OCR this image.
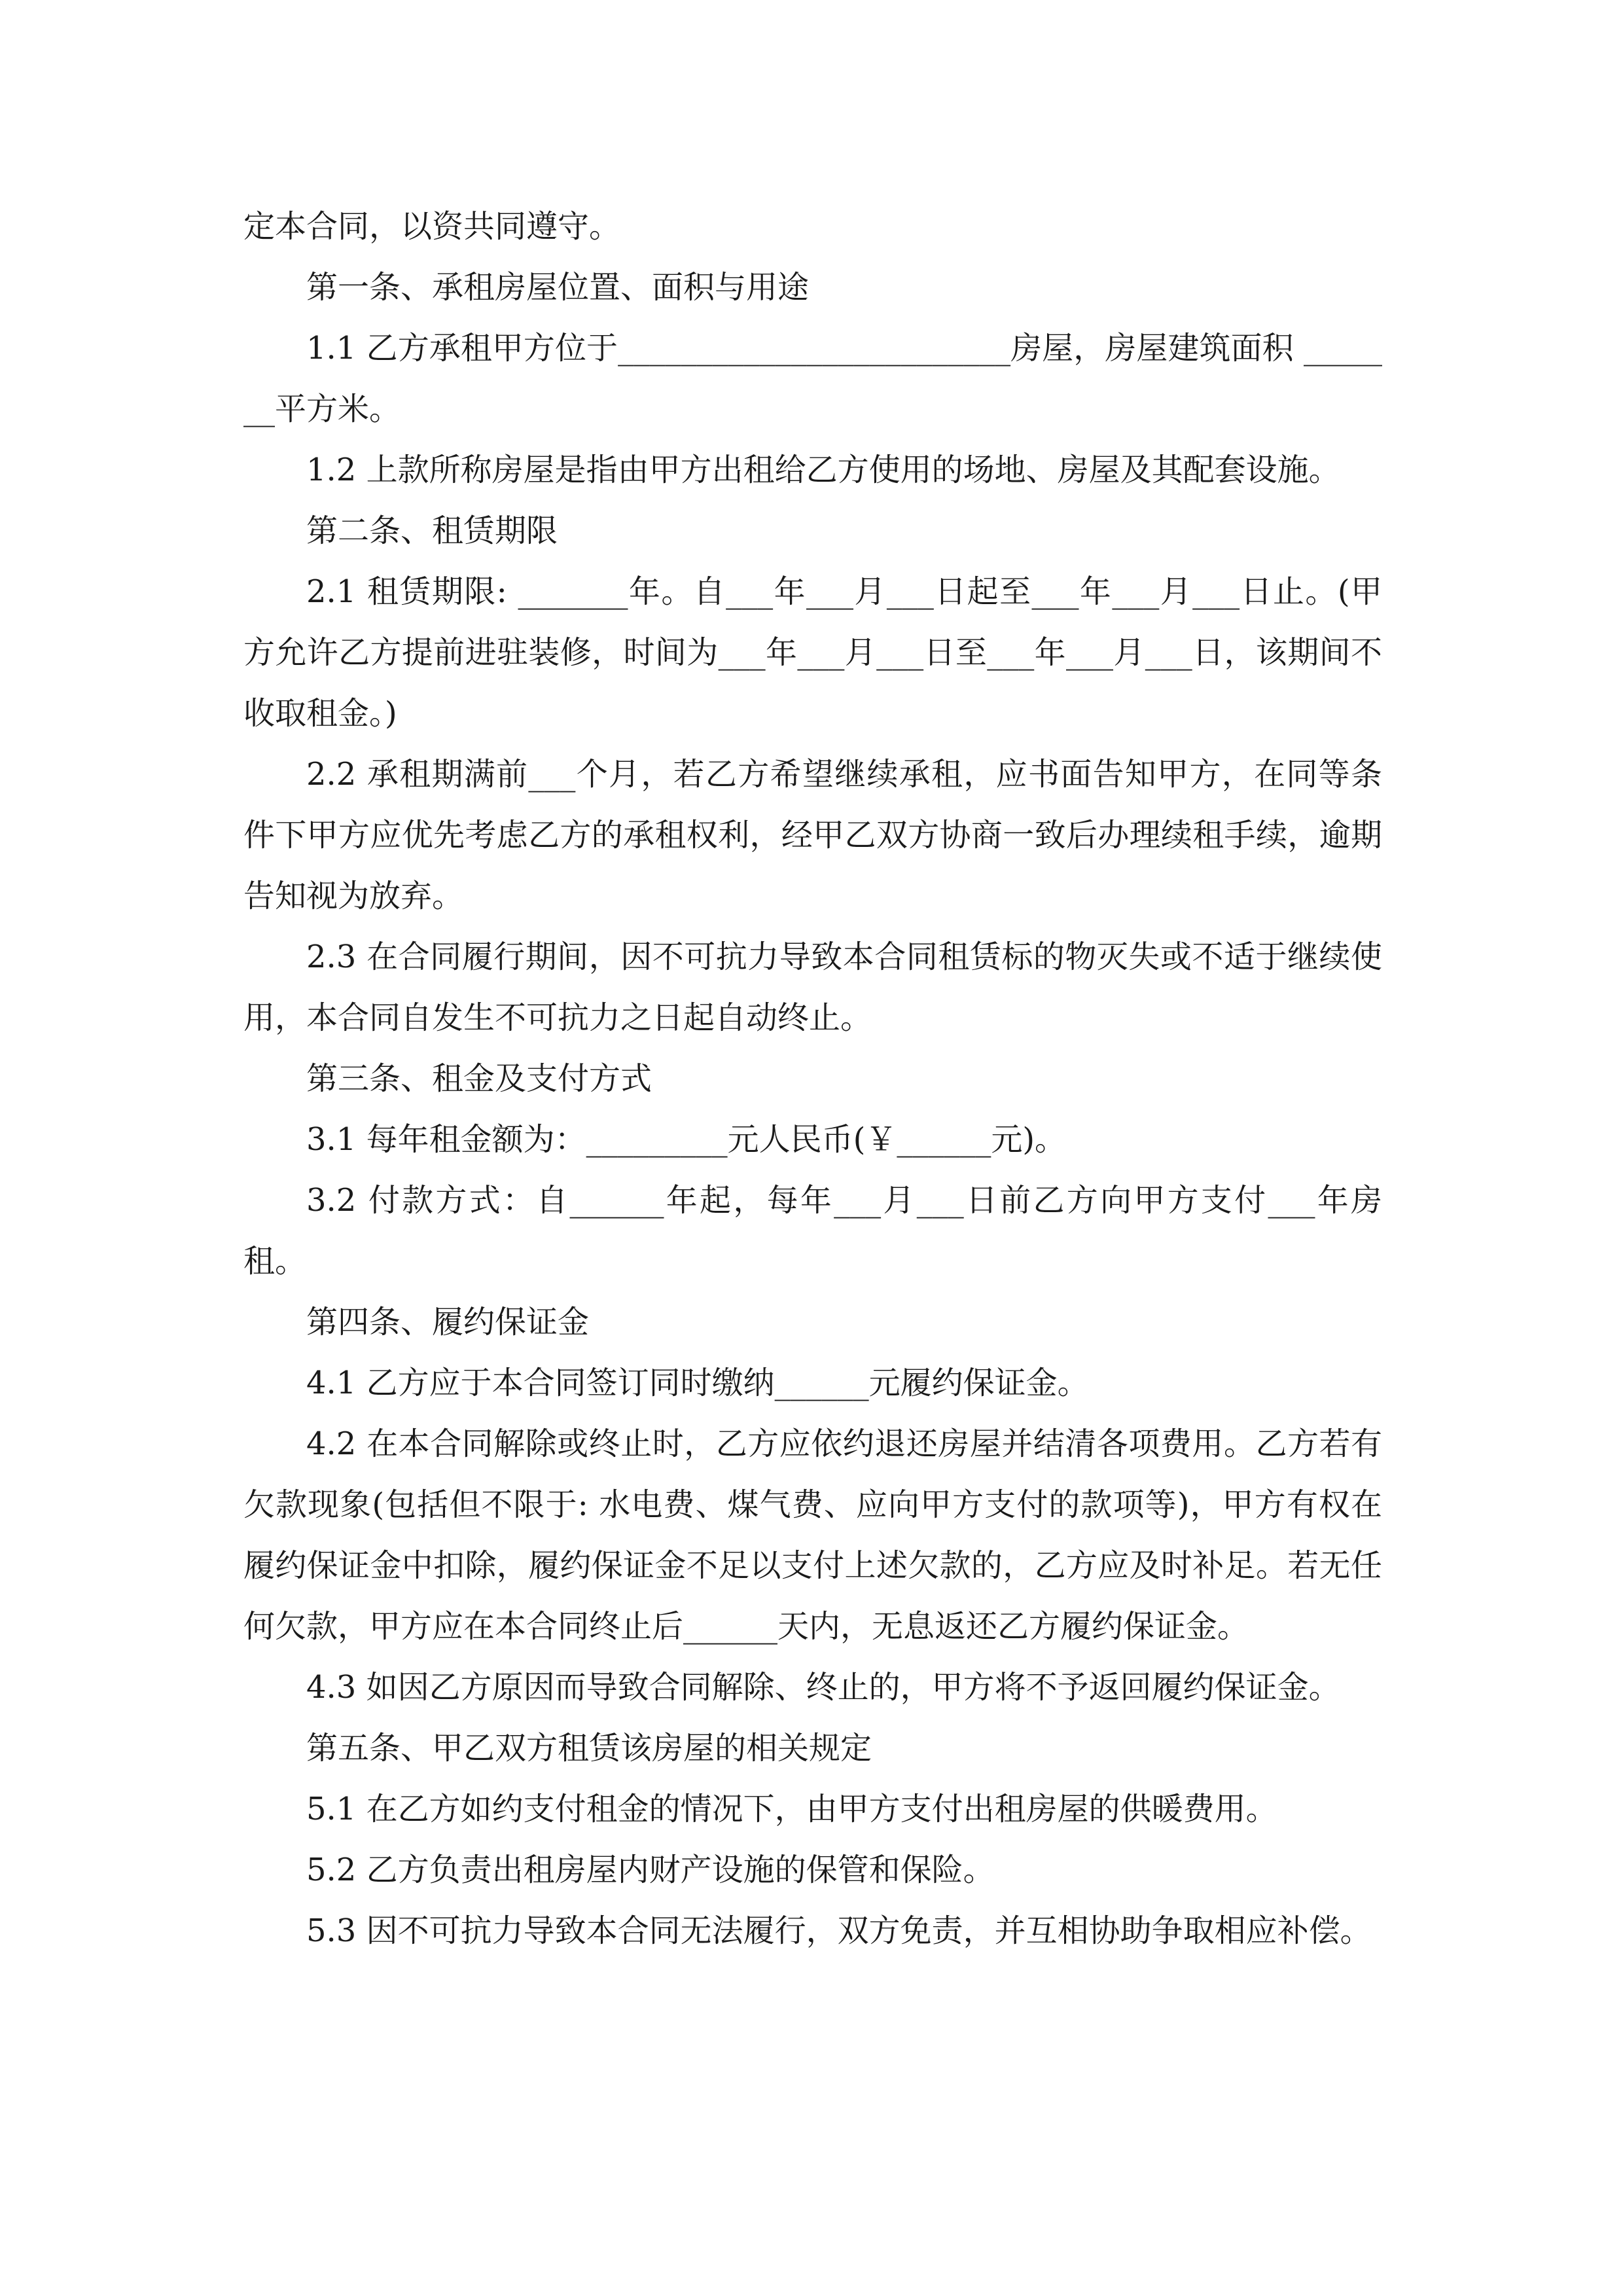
定本合同，以资共同遵守。

第一条、承租房屋位置、面积与用途

1.1 乙方承租甲方位于_________________________房屋，房屋建筑面积 _______平方米。

1.2 上款所称房屋是指由甲方出租给乙方使用的场地、房屋及其配套设施。

第二条、租赁期限

2.1 租赁期限: _______年。自___年___月___日起至___年___月___日止。(甲方允许乙方提前进驻装修，时间为___年___月___日至___年___月___日，该期间不收取租金。)

2.2 承租期满前___个月，若乙方希望继续承租，应书面告知甲方，在同等条件下甲方应优先考虑乙方的承租权利，经甲乙双方协商一致后办理续租手续，逾期告知视为放弃。

2.3 在合同履行期间，因不可抗力导致本合同租赁标的物灭失或不适于继续使用，本合同自发生不可抗力之日起自动终止。

第三条、租金及支付方式

3.1 每年租金额为：_________元人民币(￥______元)。

3.2 付款方式：自______年起，每年___月___日前乙方向甲方支付___年房租。

第四条、履约保证金

4.1 乙方应于本合同签订同时缴纳______元履约保证金。

4.2 在本合同解除或终止时，乙方应依约退还房屋并结清各项费用。乙方若有欠款现象(包括但不限于: 水电费、煤气费、应向甲方支付的款项等)，甲方有权在履约保证金中扣除，履约保证金不足以支付上述欠款的，乙方应及时补足。若无任何欠款，甲方应在本合同终止后______天内，无息返还乙方履约保证金。

4.3 如因乙方原因而导致合同解除、终止的，甲方将不予返回履约保证金。

第五条、甲乙双方租赁该房屋的相关规定

5.1 在乙方如约支付租金的情况下，由甲方支付出租房屋的供暖费用。

5.2 乙方负责出租房屋内财产设施的保管和保险。

5.3 因不可抗力导致本合同无法履行，双方免责，并互相协助争取相应补偿。
